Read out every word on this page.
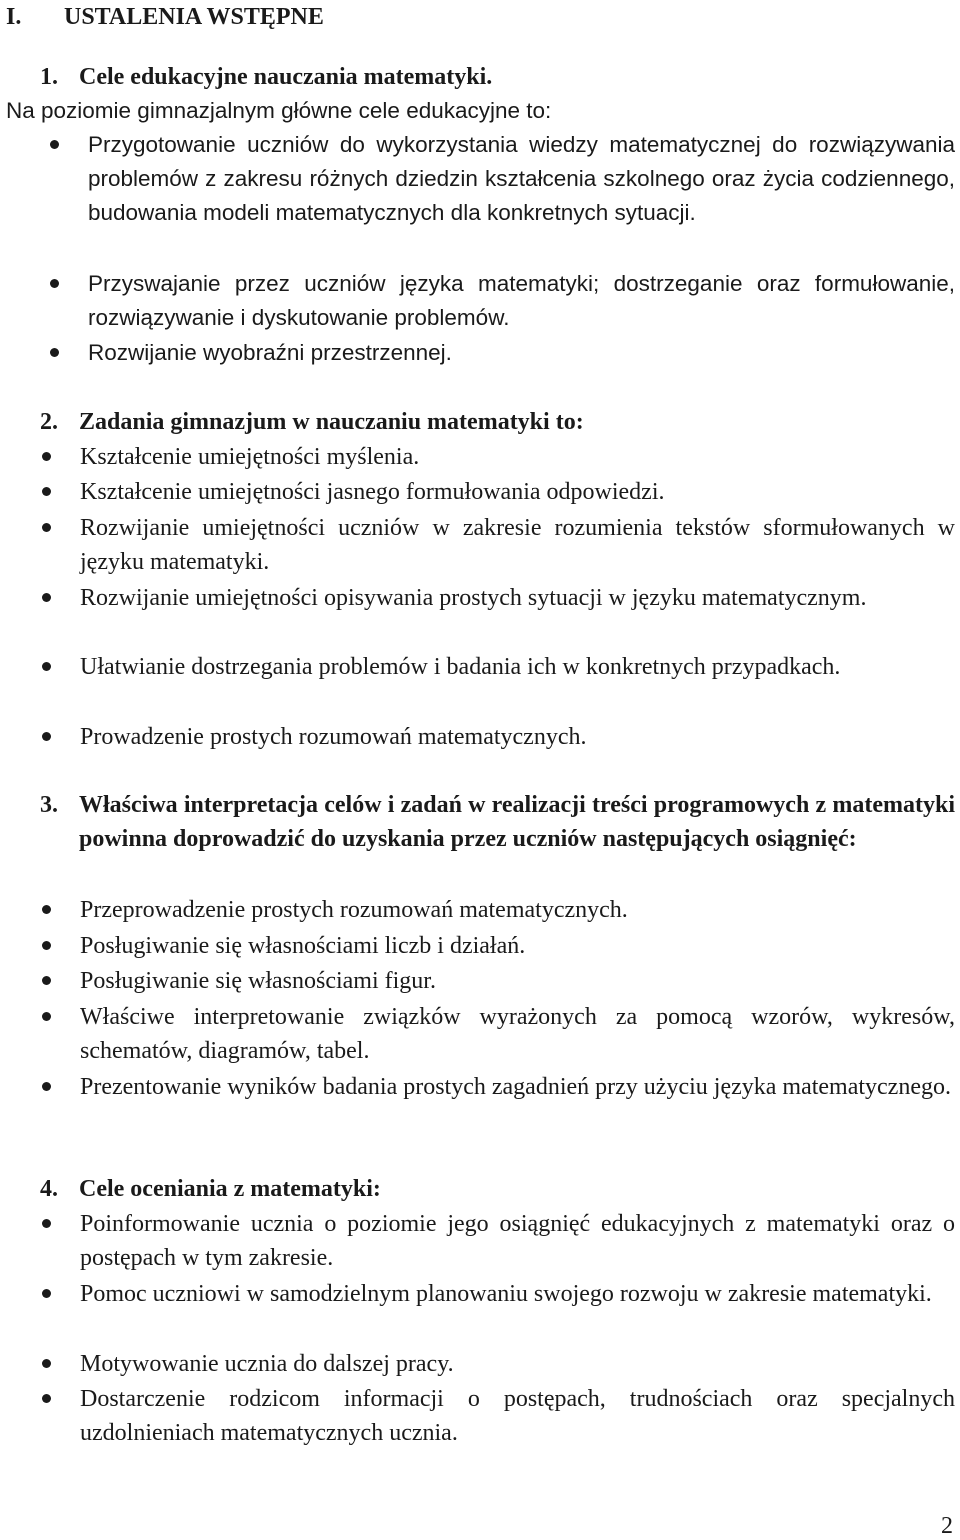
I. USTALENIA WSTĘPNE
1. Cele edukacyjne nauczania matematyki.
Na poziomie gimnazjalnym główne cele edukacyjne to:
Przygotowanie uczniów do wykorzystania wiedzy matematycznej do rozwiązywania problemów z zakresu różnych dziedzin kształcenia szkolnego oraz życia codziennego, budowania modeli matematycznych dla konkretnych sytuacji.
Przyswajanie przez uczniów języka matematyki; dostrzeganie oraz formułowanie, rozwiązywanie i dyskutowanie problemów.
Rozwijanie wyobraźni przestrzennej.
2. Zadania gimnazjum w nauczaniu matematyki to:
Kształcenie umiejętności myślenia.
Kształcenie umiejętności jasnego formułowania odpowiedzi.
Rozwijanie umiejętności uczniów w zakresie rozumienia tekstów sformułowanych w języku matematyki.
Rozwijanie umiejętności opisywania prostych sytuacji w języku matematycznym.
Ułatwianie dostrzegania problemów i badania ich w konkretnych przypadkach.
Prowadzenie prostych rozumowań matematycznych.
3. Właściwa interpretacja celów i zadań w realizacji treści programowych z matematyki powinna doprowadzić do uzyskania przez uczniów następujących osiągnięć:
Przeprowadzenie prostych rozumowań matematycznych.
Posługiwanie się własnościami liczb i działań.
Posługiwanie się własnościami figur.
Właściwe interpretowanie związków wyrażonych za pomocą wzorów, wykresów, schematów, diagramów, tabel.
Prezentowanie wyników badania prostych zagadnień przy użyciu języka matematycznego.
4. Cele oceniania z matematyki:
Poinformowanie ucznia o poziomie jego osiągnięć edukacyjnych z matematyki oraz o postępach w tym zakresie.
Pomoc uczniowi w samodzielnym planowaniu swojego rozwoju w zakresie matematyki.
Motywowanie ucznia do dalszej pracy.
Dostarczenie rodzicom informacji o postępach, trudnościach oraz specjalnych uzdolnieniach matematycznych ucznia.
2
